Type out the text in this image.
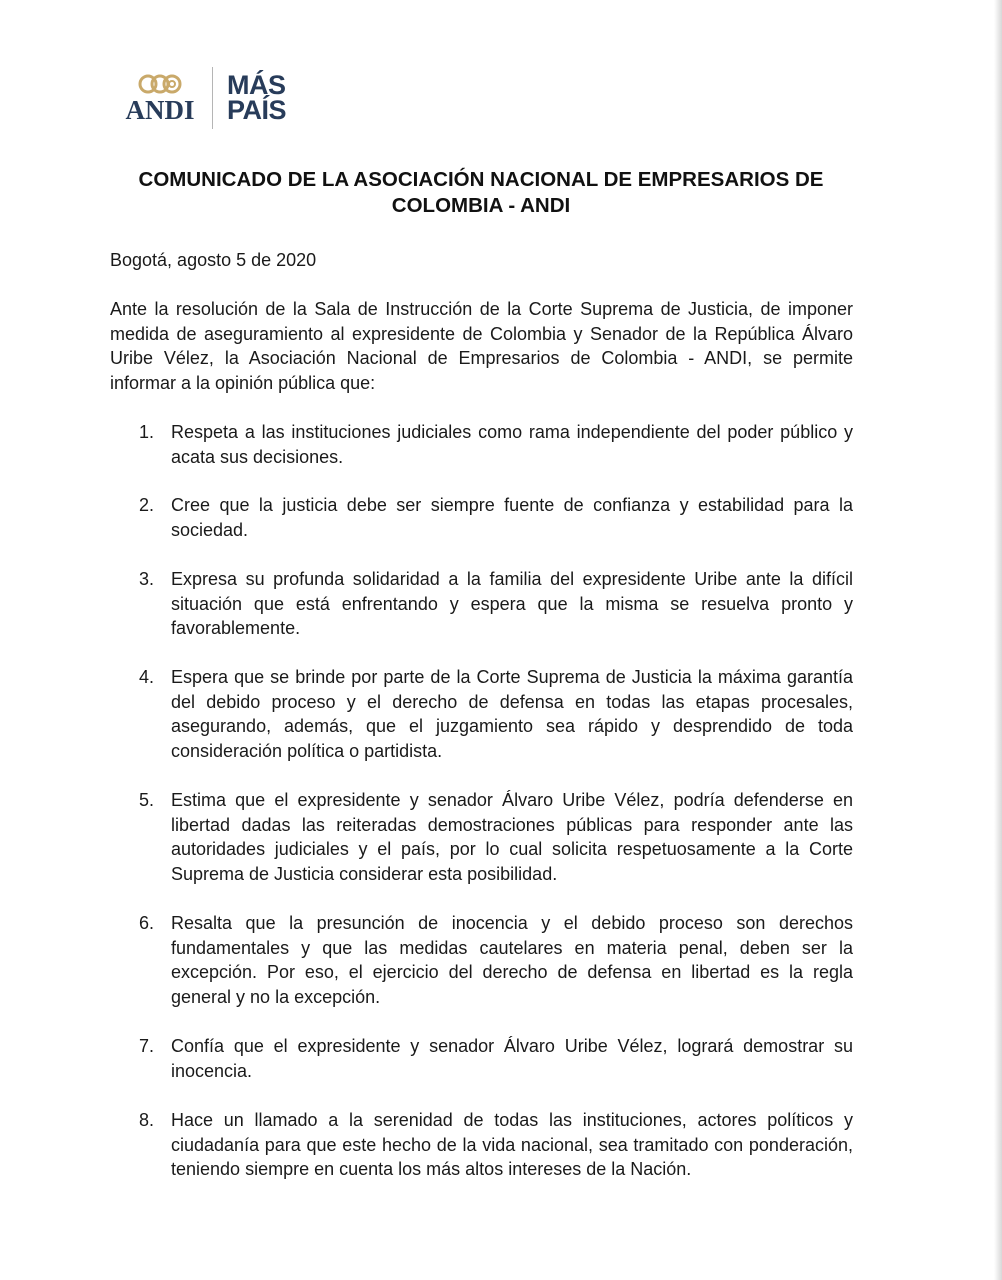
ANDI
MÁS
PAÍS
COMUNICADO DE LA ASOCIACIÓN NACIONAL DE EMPRESARIOS DE COLOMBIA - ANDI
Bogotá, agosto 5 de 2020
Ante la resolución de la Sala de Instrucción de la Corte Suprema de Justicia, de imponer medida de aseguramiento al expresidente de Colombia y Senador de la República Álvaro Uribe Vélez, la Asociación Nacional de Empresarios de Colombia - ANDI, se permite informar a la opinión pública que:
1. Respeta a las instituciones judiciales como rama independiente del poder público y acata sus decisiones.
2. Cree que la justicia debe ser siempre fuente de confianza y estabilidad para la sociedad.
3. Expresa su profunda solidaridad a la familia del expresidente Uribe ante la difícil situación que está enfrentando y espera que la misma se resuelva pronto y favorablemente.
4. Espera que se brinde por parte de la Corte Suprema de Justicia la máxima garantía del debido proceso y el derecho de defensa en todas las etapas procesales, asegurando, además, que el juzgamiento sea rápido y desprendido de toda consideración política o partidista.
5. Estima que el expresidente y senador Álvaro Uribe Vélez, podría defenderse en libertad dadas las reiteradas demostraciones públicas para responder ante las autoridades judiciales y el país, por lo cual solicita respetuosamente a la Corte Suprema de Justicia considerar esta posibilidad.
6. Resalta que la presunción de inocencia y el debido proceso son derechos fundamentales y que las medidas cautelares en materia penal, deben ser la excepción. Por eso, el ejercicio del derecho de defensa en libertad es la regla general y no la excepción.
7. Confía que el expresidente y senador Álvaro Uribe Vélez, logrará demostrar su inocencia.
8. Hace un llamado a la serenidad de todas las instituciones, actores políticos y ciudadanía para que este hecho de la vida nacional, sea tramitado con ponderación, teniendo siempre en cuenta los más altos intereses de la Nación.
